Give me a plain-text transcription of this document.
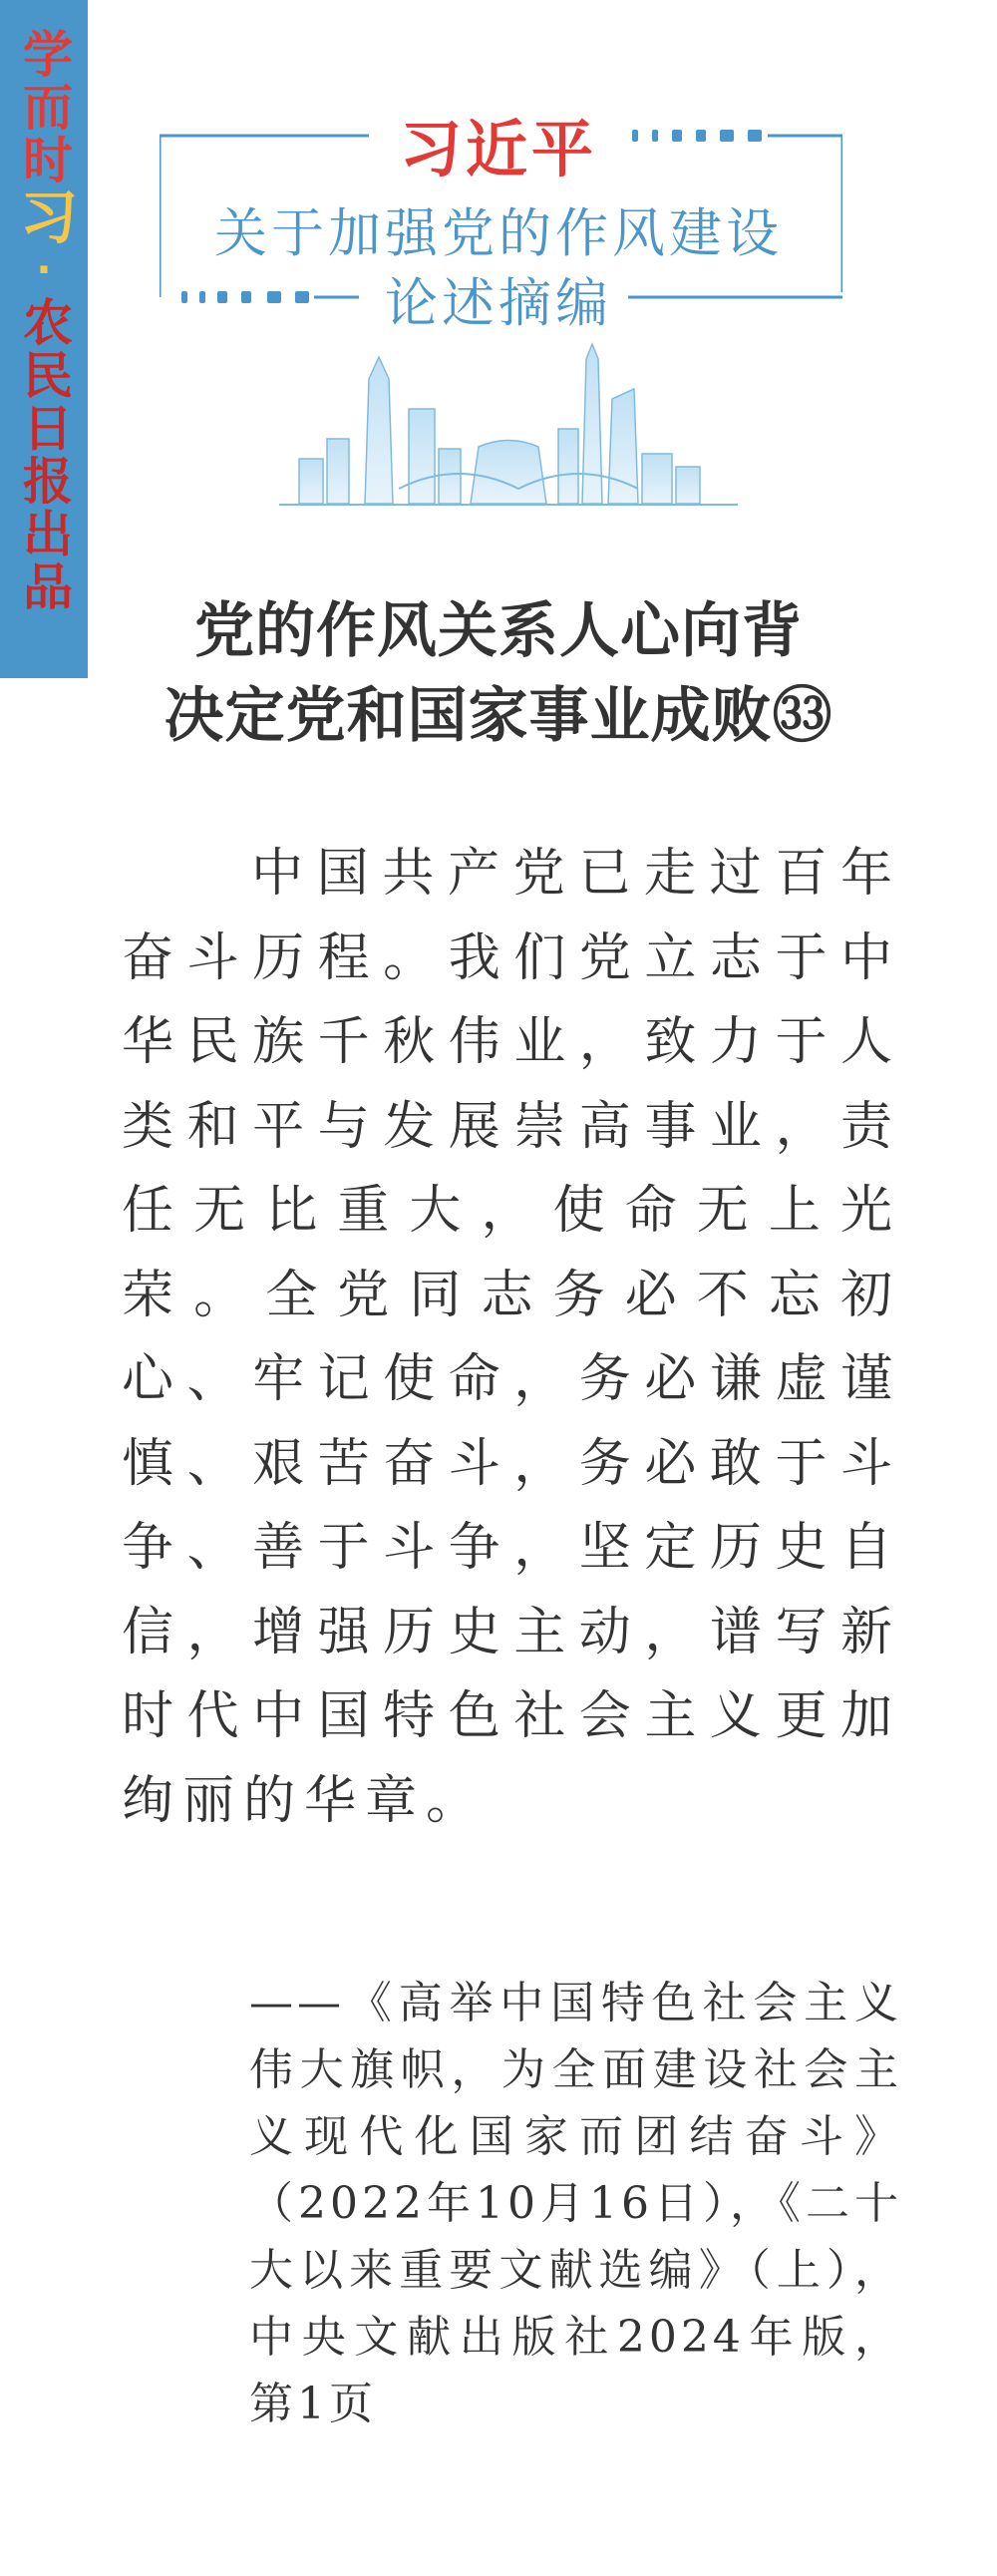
学而时
习
·
农民日报出品
习近平
关于加强党的作风建设
论述摘编
党的作风关系人心向背
决定党和国家事业成败㉝

中国共产党已走过百年奋斗历程。我们党立志于中华民族千秋伟业，致力于人类和平与发展崇高事业，责任无比重大，使命无上光荣。全党同志务必不忘初心、牢记使命，务必谦虚谨慎、艰苦奋斗，务必敢于斗争、善于斗争，坚定历史自信，增强历史主动，谱写新时代中国特色社会主义更加绚丽的华章。

——《高举中国特色社会主义伟大旗帜，为全面建设社会主义现代化国家而团结奋斗》（2022年10月16日），《二十大以来重要文献选编》（上），中央文献出版社2024年版，第1页
